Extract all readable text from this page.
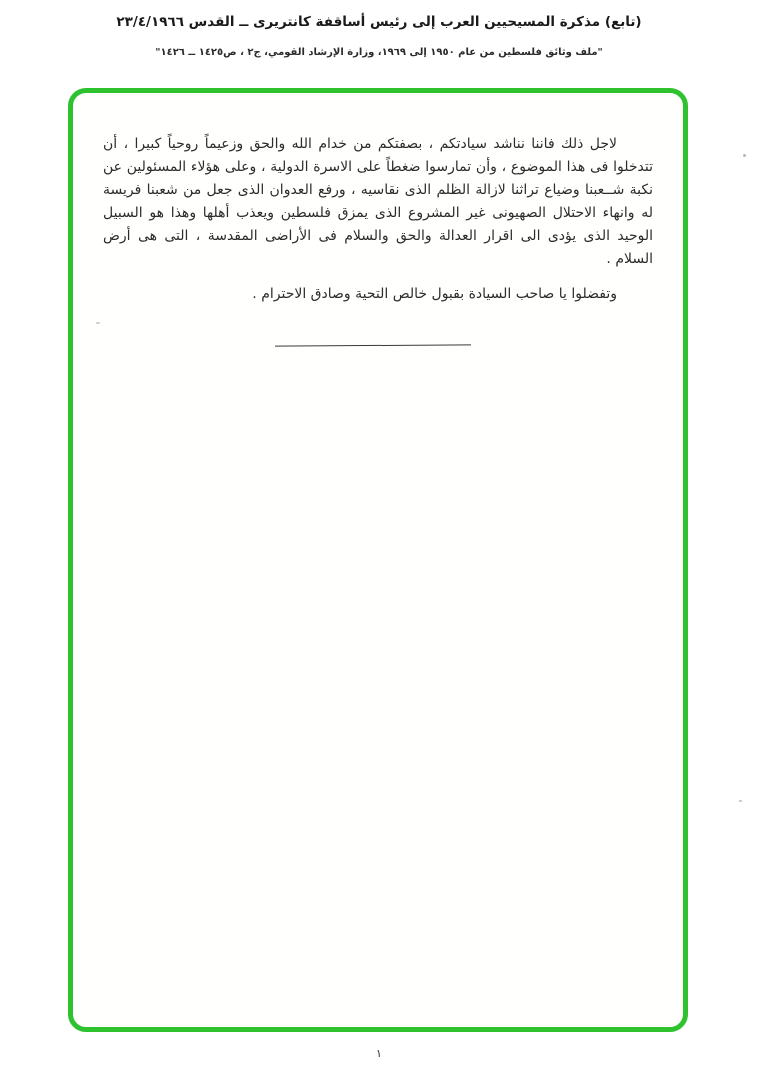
(تابع) مذكرة المسيحيين العرب إلى رئيس أساقفة كانتريرى ــ القدس ٢٣/٤/١٩٦٦
"ملف وثائق فلسطين من عام ١٩٥٠ إلى ١٩٦٩، وزارة الإرشاد القومي، ج٢ ، ص١٤٢٥ ــ ١٤٢٦"

لاجل ذلك فاننا نناشد سيادتكم ، بصفتكم من خدام الله والحق وزعيماً روحياً كبيرا ، أن تتدخلوا فى هذا الموضوع ، وأن تمارسوا ضغطاً على الاسرة الدولية ، وعلى هؤلاء المسئولين عن نكبة شــعبنا وضياع تراثنا لازالة الظلم الذى نقاسيه ، ورفع العدوان الذى جعل من شعبنا فريسة له وانهاء الاحتلال الصهيونى غير المشروع الذى يمزق فلسطين ويعذب أهلها وهذا هو السبيل الوحيد الذى يؤدى الى اقرار العدالة والحق والسلام فى الأراضى المقدسة ، التى هى أرض السلام .

وتفضلوا يا صاحب السيادة بقبول خالص التحية وصادق الاحترام .

١
